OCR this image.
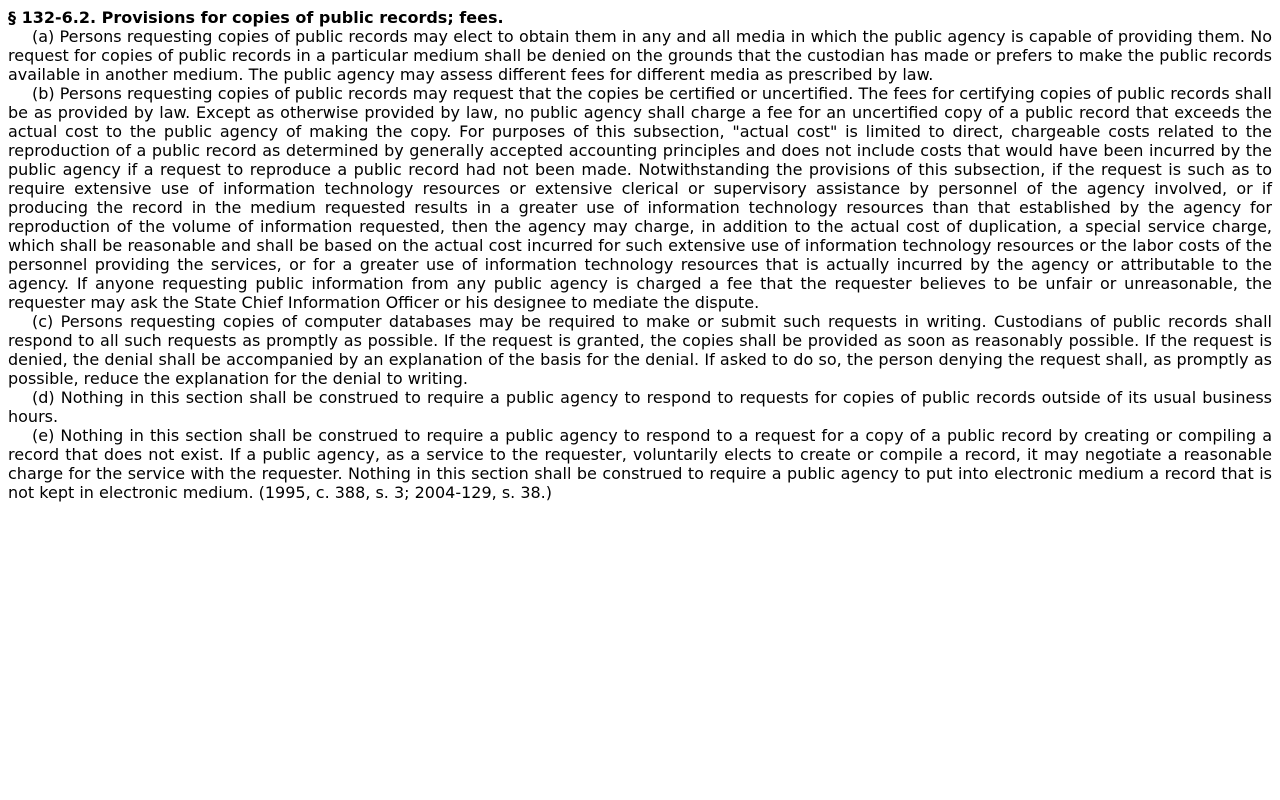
§ 132-6.2. Provisions for copies of public records; fees.

(a) Persons requesting copies of public records may elect to obtain them in any and all media in which the public agency is capable of providing them. No request for copies of public records in a particular medium shall be denied on the grounds that the custodian has made or prefers to make the public records available in another medium. The public agency may assess different fees for different media as prescribed by law.

(b) Persons requesting copies of public records may request that the copies be certified or uncertified. The fees for certifying copies of public records shall be as provided by law. Except as otherwise provided by law, no public agency shall charge a fee for an uncertified copy of a public record that exceeds the actual cost to the public agency of making the copy. For purposes of this subsection, "actual cost" is limited to direct, chargeable costs related to the reproduction of a public record as determined by generally accepted accounting principles and does not include costs that would have been incurred by the public agency if a request to reproduce a public record had not been made. Notwithstanding the provisions of this subsection, if the request is such as to require extensive use of information technology resources or extensive clerical or supervisory assistance by personnel of the agency involved, or if producing the record in the medium requested results in a greater use of information technology resources than that established by the agency for reproduction of the volume of information requested, then the agency may charge, in addition to the actual cost of duplication, a special service charge, which shall be reasonable and shall be based on the actual cost incurred for such extensive use of information technology resources or the labor costs of the personnel providing the services, or for a greater use of information technology resources that is actually incurred by the agency or attributable to the agency. If anyone requesting public information from any public agency is charged a fee that the requester believes to be unfair or unreasonable, the requester may ask the State Chief Information Officer or his designee to mediate the dispute.

(c) Persons requesting copies of computer databases may be required to make or submit such requests in writing. Custodians of public records shall respond to all such requests as promptly as possible. If the request is granted, the copies shall be provided as soon as reasonably possible. If the request is denied, the denial shall be accompanied by an explanation of the basis for the denial. If asked to do so, the person denying the request shall, as promptly as possible, reduce the explanation for the denial to writing.

(d) Nothing in this section shall be construed to require a public agency to respond to requests for copies of public records outside of its usual business hours.

(e) Nothing in this section shall be construed to require a public agency to respond to a request for a copy of a public record by creating or compiling a record that does not exist. If a public agency, as a service to the requester, voluntarily elects to create or compile a record, it may negotiate a reasonable charge for the service with the requester. Nothing in this section shall be construed to require a public agency to put into electronic medium a record that is not kept in electronic medium. (1995, c. 388, s. 3; 2004-129, s. 38.)
